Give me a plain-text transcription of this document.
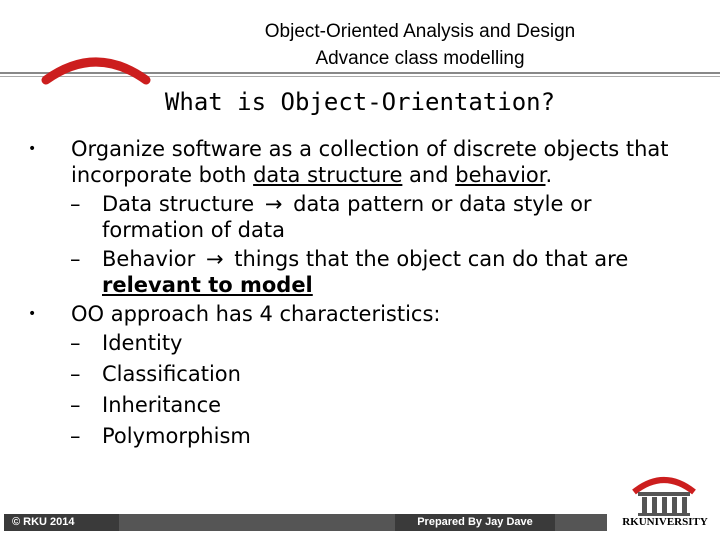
Object-Oriented Analysis and Design
Advance class modelling
What is Object-Orientation?
• Organize software as a collection of discrete objects that incorporate both data structure and behavior.
– Data structure → data pattern or data style or formation of data
– Behavior → things that the object can do that are relevant to model
• OO approach has 4 characteristics:
– Identity
– Classification
– Inheritance
– Polymorphism
© RKU 2014	Prepared By Jay Dave	RKUNIVERSITY
